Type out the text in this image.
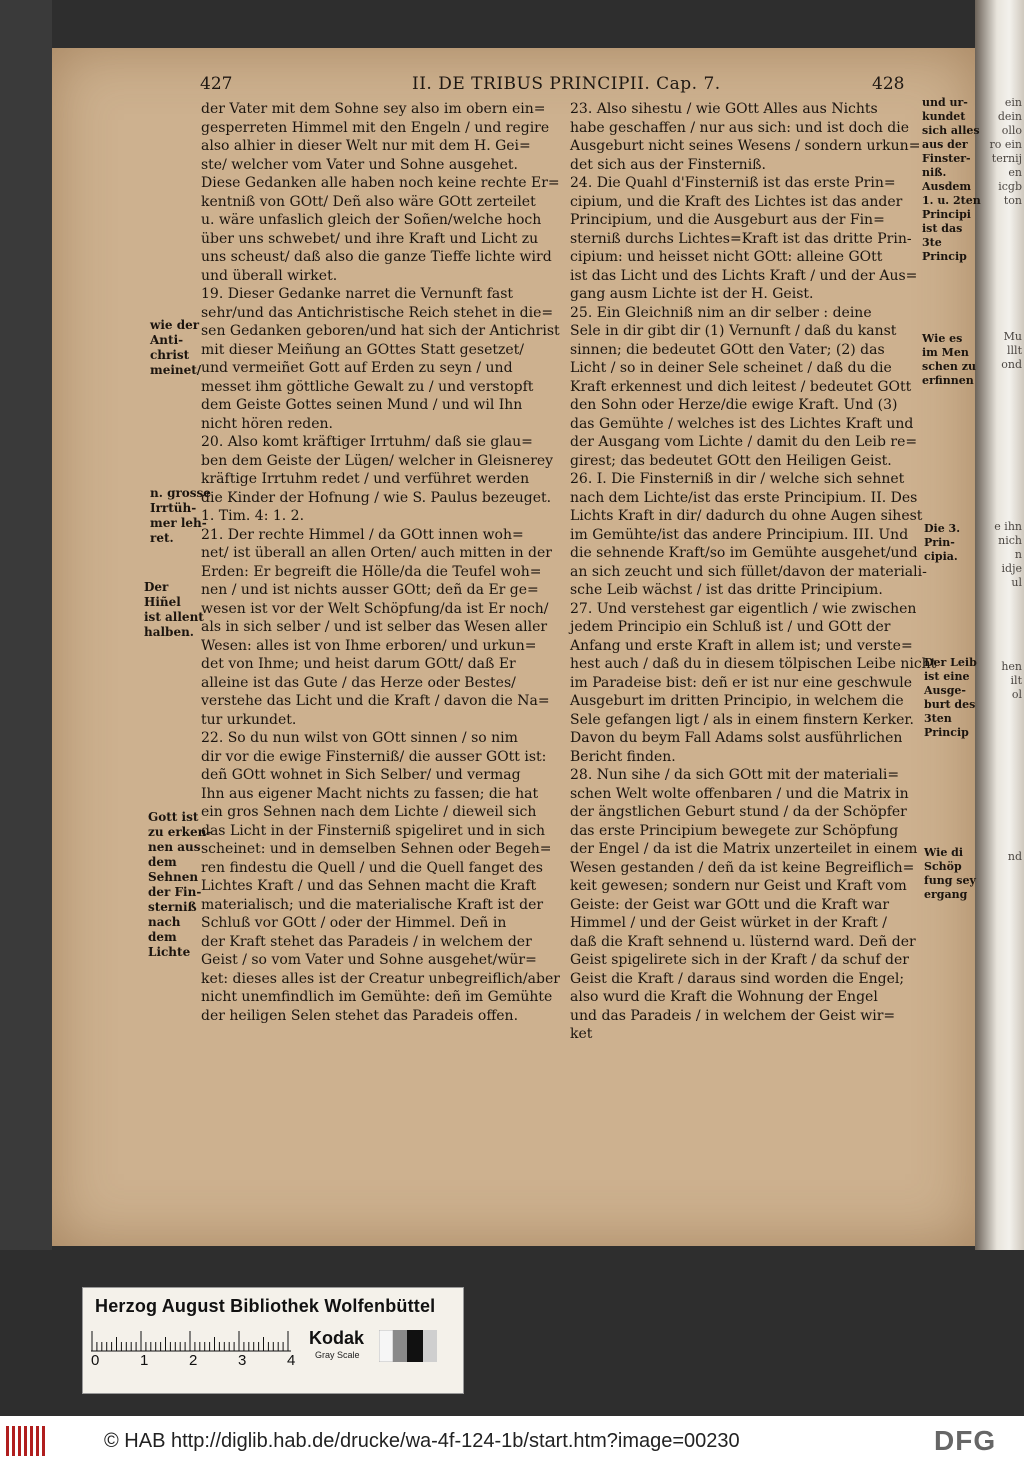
ein
dein
ollo
ro ein
ternij
en
icgb
ton
Mu
lllt
ond
e ihn
nich
n
idje
ul
hen
ilt
ol
nd
427	II. DE TRIBUS PRINCIPII. Cap. 7.	428
der Vater mit dem Sohne sey also im obern ein=
gesperreten Himmel mit den Engeln / und regire
also alhier in dieser Welt nur mit dem H. Gei=
ste/ welcher vom Vater und Sohne ausgehet.
Diese Gedanken alle haben noch keine rechte Er=
kentniß von GOtt/ Deñ also wäre GOtt zerteilet
u. wäre unfaslich gleich der Soñen/welche hoch
über uns schwebet/ und ihre Kraft und Licht zu
uns scheust/ daß also die ganze Tieffe lichte wird
und überall wirket.
19. Dieser Gedanke narret die Vernunft fast
sehr/und das Antichristische Reich stehet in die=
sen Gedanken geboren/und hat sich der Antichrist
mit dieser Meiñung an GOttes Statt gesetzet/
und vermeiñet Gott auf Erden zu seyn / und
messet ihm göttliche Gewalt zu / und verstopft
dem Geiste Gottes seinen Mund / und wil Ihn
nicht hören reden.
20. Also komt kräftiger Irrtuhm/ daß sie glau=
ben dem Geiste der Lügen/ welcher in Gleisnerey
kräftige Irrtuhm redet / und verführet werden
die Kinder der Hofnung / wie S. Paulus bezeuget.
1. Tim. 4: 1. 2.
21. Der rechte Himmel / da GOtt innen woh=
net/ ist überall an allen Orten/ auch mitten in der
Erden: Er begreift die Hölle/da die Teufel woh=
nen / und ist nichts ausser GOtt; deñ da Er ge=
wesen ist vor der Welt Schöpfung/da ist Er noch/
als in sich selber / und ist selber das Wesen aller
Wesen: alles ist von Ihme erboren/ und urkun=
det von Ihme; und heist darum GOtt/ daß Er
alleine ist das Gute / das Herze oder Bestes/
verstehe das Licht und die Kraft / davon die Na=
tur urkundet.
22. So du nun wilst von GOtt sinnen / so nim
dir vor die ewige Finsterniß/ die ausser GOtt ist:
deñ GOtt wohnet in Sich Selber/ und vermag
Ihn aus eigener Macht nichts zu fassen; die hat
ein gros Sehnen nach dem Lichte / dieweil sich
das Licht in der Finsterniß spigeliret und in sich
scheinet: und in demselben Sehnen oder Begeh=
ren findestu die Quell / und die Quell fanget des
Lichtes Kraft / und das Sehnen macht die Kraft
materialisch; und die materialische Kraft ist der
Schluß vor GOtt / oder der Himmel. Deñ in
der Kraft stehet das Paradeis / in welchem der
Geist / so vom Vater und Sohne ausgehet/wür=
ket: dieses alles ist der Creatur unbegreiflich/aber
nicht unemfindlich im Gemühte: deñ im Gemühte
der heiligen Selen stehet das Paradeis offen.
23. Also sihestu / wie GOtt Alles aus Nichts
habe geschaffen / nur aus sich: und ist doch die
Ausgeburt nicht seines Wesens / sondern urkun=
det sich aus der Finsterniß.
24. Die Quahl d'Finsterniß ist das erste Prin=
cipium, und die Kraft des Lichtes ist das ander
Principium, und die Ausgeburt aus der Fin=
sterniß durchs Lichtes=Kraft ist das dritte Prin-
cipium: und heisset nicht GOtt: alleine GOtt
ist das Licht und des Lichts Kraft / und der Aus=
gang ausm Lichte ist der H. Geist.
25. Ein Gleichniß nim an dir selber : deine
Sele in dir gibt dir (1) Vernunft / daß du kanst
sinnen; die bedeutet GOtt den Vater; (2) das
Licht / so in deiner Sele scheinet / daß du die
Kraft erkennest und dich leitest / bedeutet GOtt
den Sohn oder Herze/die ewige Kraft. Und (3)
das Gemühte / welches ist des Lichtes Kraft und
der Ausgang vom Lichte / damit du den Leib re=
girest; das bedeutet GOtt den Heiligen Geist.
26. I. Die Finsterniß in dir / welche sich sehnet
nach dem Lichte/ist das erste Principium. II. Des
Lichts Kraft in dir/ dadurch du ohne Augen sihest
im Gemühte/ist das andere Principium. III. Und
die sehnende Kraft/so im Gemühte ausgehet/und
an sich zeucht und sich füllet/davon der materiali-
sche Leib wächst / ist das dritte Principium.
27. Und verstehest gar eigentlich / wie zwischen
jedem Principio ein Schluß ist / und GOtt der
Anfang und erste Kraft in allem ist; und verste=
hest auch / daß du in diesem tölpischen Leibe nicht
im Paradeise bist: deñ er ist nur eine geschwule
Ausgeburt im dritten Principio, in welchem die
Sele gefangen ligt / als in einem finstern Kerker.
Davon du beym Fall Adams solst ausführlichen
Bericht finden.
28. Nun sihe / da sich GOtt mit der materiali=
schen Welt wolte offenbaren / und die Matrix in
der ängstlichen Geburt stund / da der Schöpfer
das erste Principium bewegete zur Schöpfung
der Engel / da ist die Matrix unzerteilet in einem
Wesen gestanden / deñ da ist keine Begreiflich=
keit gewesen; sondern nur Geist und Kraft vom
Geiste: der Geist war GOtt und die Kraft war
Himmel / und der Geist würket in der Kraft /
daß die Kraft sehnend u. lüsternd ward. Deñ der
Geist spigelirete sich in der Kraft / da schuf der
Geist die Kraft / daraus sind worden die Engel;
also wurd die Kraft die Wohnung der Engel
und das Paradeis / in welchem der Geist wir=
ket
wie der
Anti-
christ
meinet/
n. grosse
Irrtüh-
mer leh-
ret.
Der
Hiñel
ist allent
halben.
Gott ist
zu erken-
nen aus
dem
Sehnen
der Fin-
sterniß
nach
dem
Lichte
und ur-
kundet
sich alles
aus der
Finster-
niß.
Ausdem
1. u. 2ten
Principi
ist das
3te
Princip
Wie es
im Men
schen zu
erfinnen
Die 3.
Prin-
cipia.
Der Leib
ist eine
Ausge-
burt des
3ten
Princip
Wie di
Schöp
fung sey
ergang
Herzog August Bibliothek Wolfenbüttel
0	1	2	3	4
Kodak
Gray Scale
© HAB http://diglib.hab.de/drucke/wa-4f-124-1b/start.htm?image=00230	DFG
